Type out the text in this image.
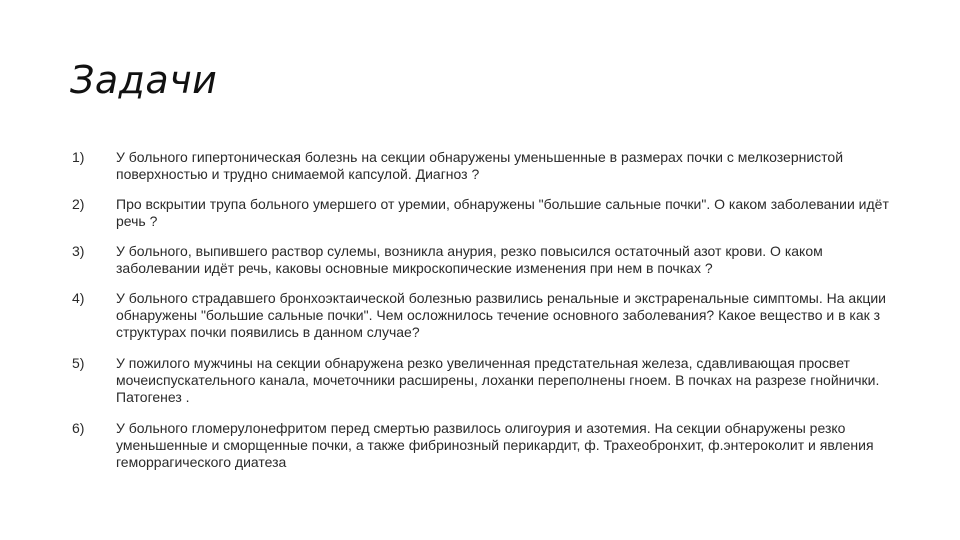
Задачи
1)	У больного гипертоническая болезнь на секции обнаружены уменьшенные в размерах почки с мелкозернистой поверхностью и трудно снимаемой капсулой. Диагноз ?
2)	Про вскрытии трупа больного умершего от уремии, обнаружены "большие сальные почки". О каком заболевании идёт речь ?
3)	У больного, выпившего раствор сулемы, возникла анурия, резко повысился остаточный азот крови. О каком заболевании идёт речь, каковы основные микроскопические изменения при нем в почках ?
4)	У больного страдавшего бронхоэктаической болезнью развились ренальные и экстраренальные симптомы. На акции обнаружены "большие сальные почки". Чем осложнилось течение основного заболевания? Какое вещество и в как з структурах почки появились в данном случае?
5)	У пожилого мужчины на секции обнаружена резко увеличенная предстательная железа, сдавливающая просвет мочеиспускательного канала, мочеточники расширены, лоханки переполнены гноем. В почках на разрезе гнойнички. Патогенез .
6)	У больного гломерулонефритом перед смертью развилось олигоурия и азотемия. На секции обнаружены резко уменьшенные и сморщенные почки, а также фибринозный перикардит, ф. Трахеобронхит, ф.энтероколит и явления геморрагического диатеза
